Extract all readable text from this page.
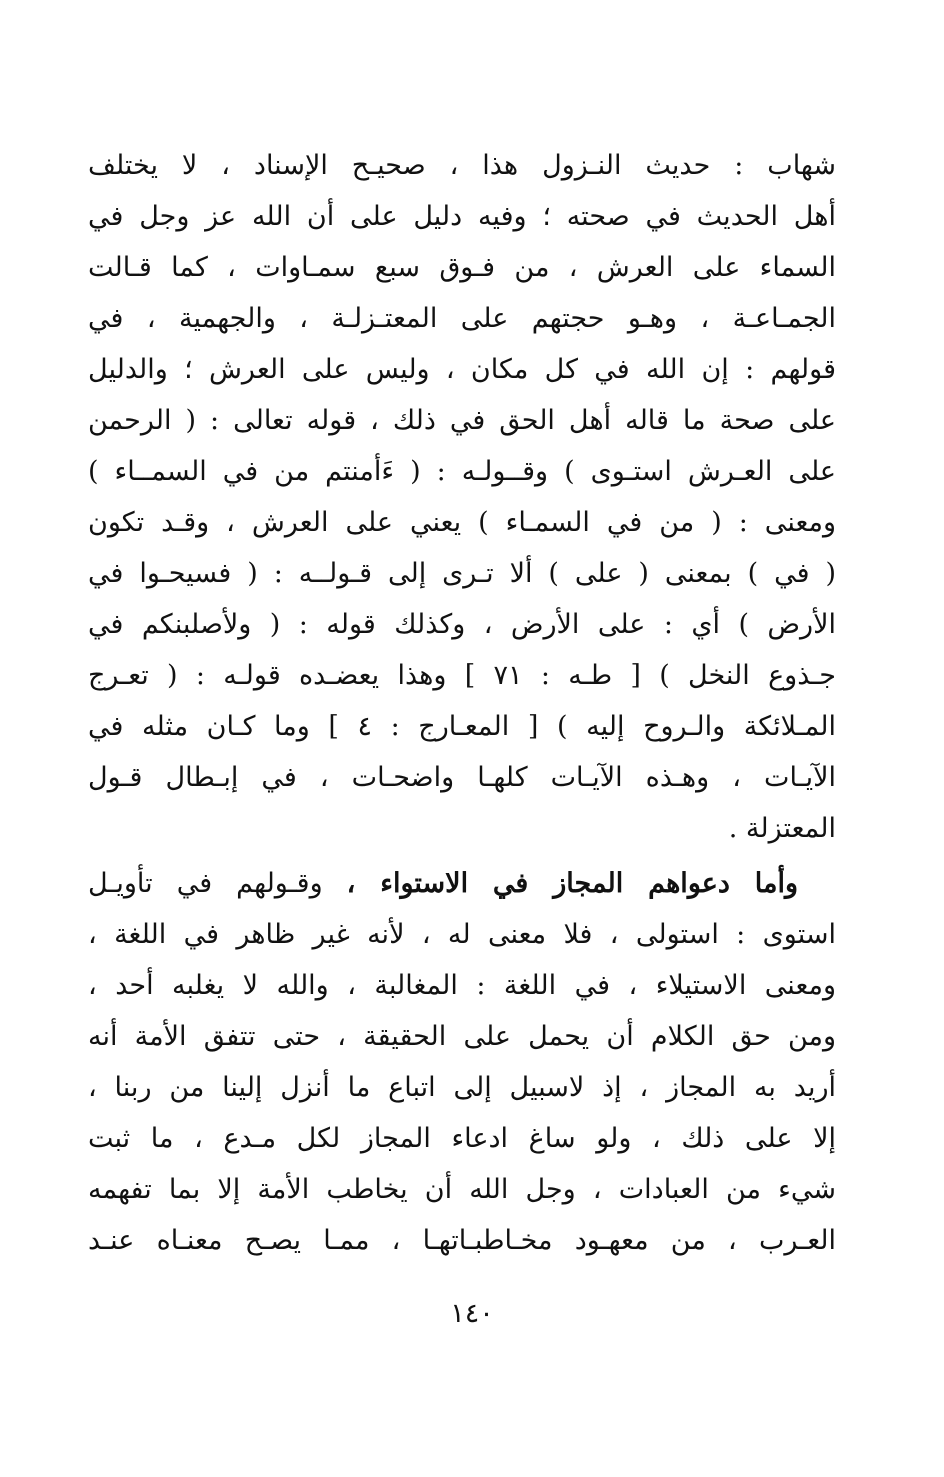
شهاب : حديث النـزول هذا ، صحيـح الإسناد ، لا يختلف
أهل الحديث في صحته ؛ وفيه دليل على أن الله عز وجل في
السماء على العرش ، من فـوق سبع سمـاوات ، كما قـالت
الجمـاعـة ، وهـو حجتهم على المعتـزلـة ، والجهمية ، في
قولهم : إن الله في كل مكان ، وليس على العرش ؛ والدليل
على صحة ما قاله أهل الحق في ذلك ، قوله تعالى : ( الرحمن
على العـرش استـوى ) وقــولـه : ( ءَأمنتم من في السمــاء )
ومعنى : ( من في السمـاء ) يعني على العرش ، وقـد تكون
( في ) بمعنى ( على ) ألا تـرى إلى قـولــه : ( فسيحـوا في
الأرض ) أي : على الأرض ، وكذلك قوله : ( ولأصلبنكم في
جـذوع النخل ) [ طـه : ٧١ ] وهذا يعضـده قولـه : ( تعـرج
المـلائكة والـروح إليه ) [ المعـارج : ٤ ] وما كـان مثله في
الآيـات ، وهـذه الآيـات كلهـا واضحـات ، في إبـطال قـول
المعتزلة .
وأما دعواهم المجاز في الاستواء ، وقـولهم في تأويـل
استوى : استولى ، فلا معنى له ، لأنه غير ظاهر في اللغة ،
ومعنى الاستيلاء ، في اللغة : المغالبة ، والله لا يغلبه أحد ،
ومن حق الكلام أن يحمل على الحقيقة ، حتى تتفق الأمة أنه
أريد به المجاز ، إذ لاسبيل إلى اتباع ما أنزل إلينا من ربنا ،
إلا على ذلك ، ولو ساغ ادعاء المجاز لكل مـدع ، ما ثبت
شيء من العبادات ، وجل الله أن يخاطب الأمة إلا بما تفهمه
العـرب ، من معهـود مخـاطبـاتهـا ، ممـا يصـح معنـاه عنـد
١٤٠
